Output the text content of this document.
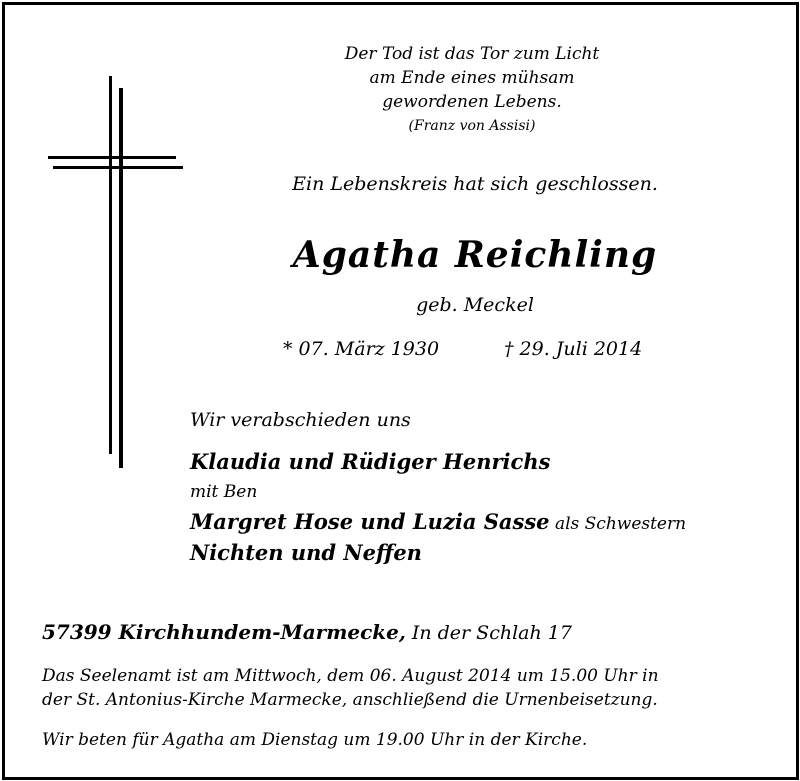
Der Tod ist das Tor zum Licht
am Ende eines mühsam
gewordenen Lebens.
(Franz von Assisi)
Ein Lebenskreis hat sich geschlossen.
Agatha Reichling
geb. Meckel
* 07. März 1930	† 29. Juli 2014
Wir verabschieden uns
Klaudia und Rüdiger Henrichs
mit Ben
Margret Hose und Luzia Sasse als Schwestern
Nichten und Neffen
57399 Kirchhundem-Marmecke, In der Schlah 17
Das Seelenamt ist am Mittwoch, dem 06. August 2014 um 15.00 Uhr in
der St. Antonius-Kirche Marmecke, anschließend die Urnenbeisetzung.
Wir beten für Agatha am Dienstag um 19.00 Uhr in der Kirche.
